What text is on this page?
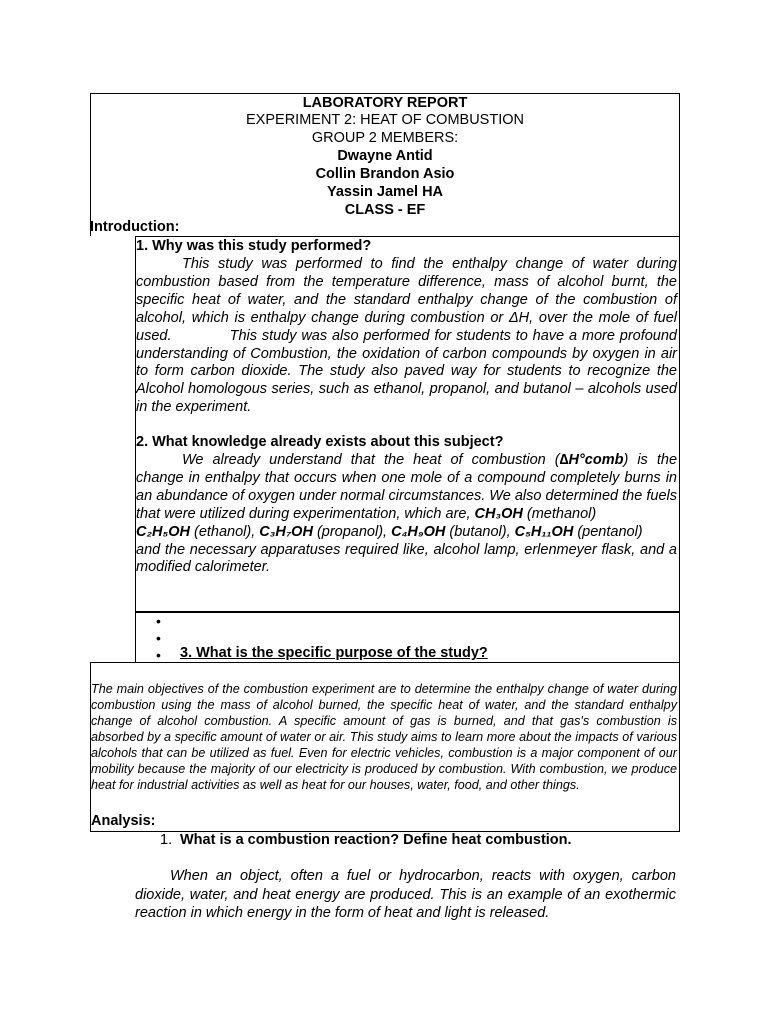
LABORATORY REPORT
EXPERIMENT 2: HEAT OF COMBUSTION
GROUP 2 MEMBERS:
Dwayne Antid
Collin Brandon Asio
Yassin Jamel HA
CLASS - EF
Introduction:
1. Why was this study performed?

This study was performed to find the enthalpy change of water during combustion based from the temperature difference, mass of alcohol burnt, the specific heat of water, and the standard enthalpy change of the combustion of alcohol, which is enthalpy change during combustion or ΔH, over the mole of fuel used.	This study was also performed for students to have a more profound understanding of Combustion, the oxidation of carbon compounds by oxygen in air to form carbon dioxide. The study also paved way for students to recognize the Alcohol homologous series, such as ethanol, propanol, and butanol – alcohols used in the experiment.

2. What knowledge already exists about this subject?

We already understand that the heat of combustion (∆H°comb) is the change in enthalpy that occurs when one mole of a compound completely burns in an abundance of oxygen under normal circumstances. We also determined the fuels that were utilized during experimentation, which are, CH₃OH (methanol)

C₂H₅OH (ethanol), C₃H₇OH (propanol), C₄H₉OH (butanol), C₅H₁₁OH (pentanol)

and the necessary apparatuses required like, alcohol lamp, erlenmeyer flask, and a modified calorimeter.

•
•
• 3. What is the specific purpose of the study?
The main objectives of the combustion experiment are to determine the enthalpy change of water during combustion using the mass of alcohol burned, the specific heat of water, and the standard enthalpy change of alcohol combustion. A specific amount of gas is burned, and that gas's combustion is absorbed by a specific amount of water or air. This study aims to learn more about the impacts of various alcohols that can be utilized as fuel. Even for electric vehicles, combustion is a major component of our mobility because the majority of our electricity is produced by combustion. With combustion, we produce heat for industrial activities as well as heat for our houses, water, food, and other things.
Analysis:
1. What is a combustion reaction? Define heat combustion.
When an object, often a fuel or hydrocarbon, reacts with oxygen, carbon dioxide, water, and heat energy are produced. This is an example of an exothermic reaction in which energy in the form of heat and light is released.
